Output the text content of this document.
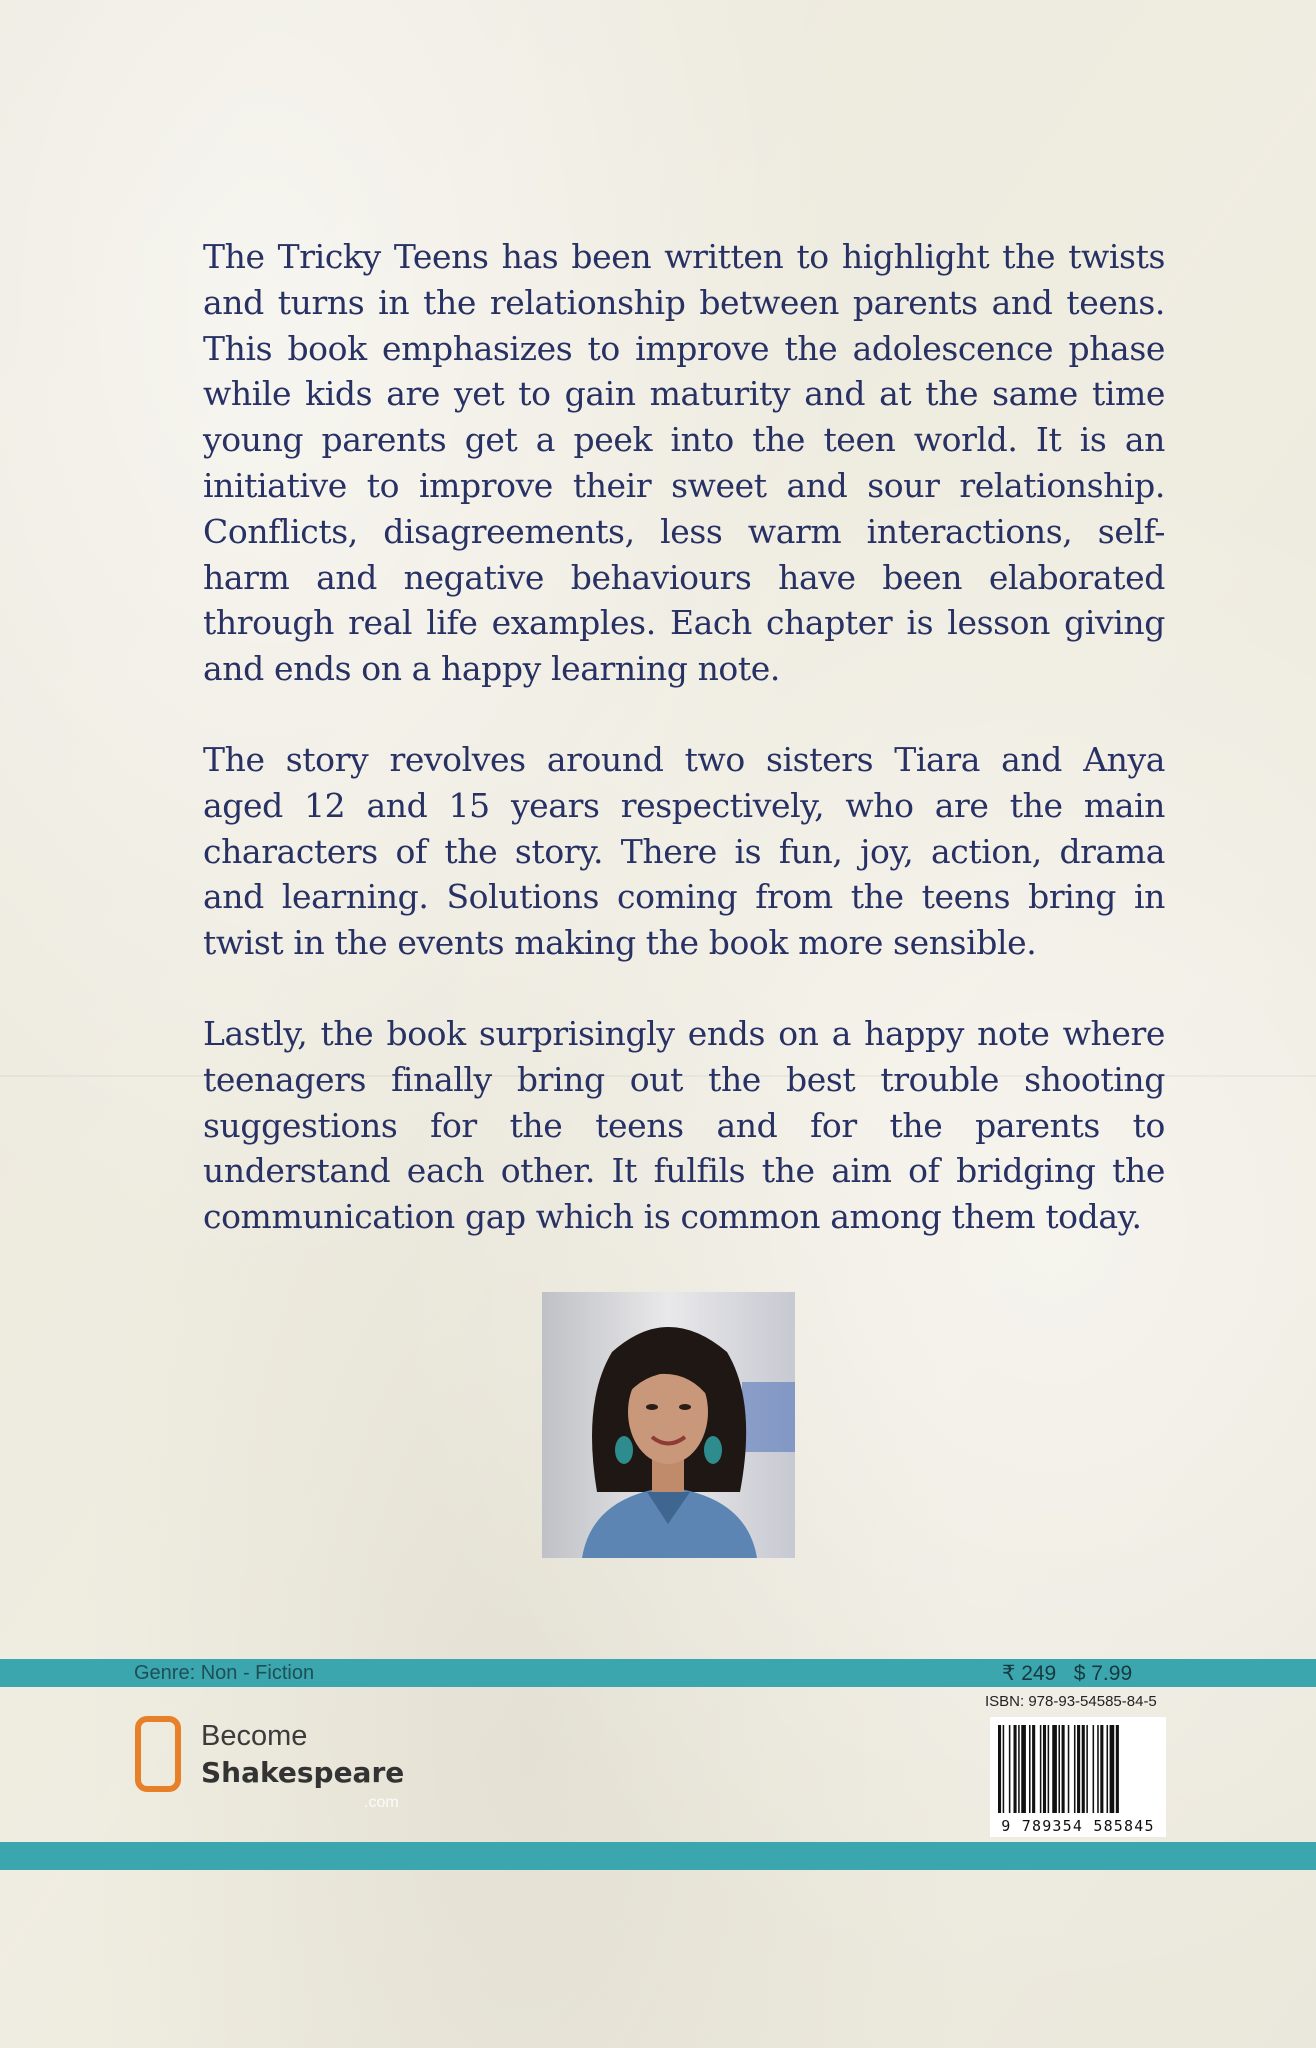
The Tricky Teens has been written to highlight the twists and turns in the relationship between parents and teens. This book emphasizes to improve the adolescence phase while kids are yet to gain maturity and at the same time young parents get a peek into the teen world. It is an initiative to improve their sweet and sour relationship. Conflicts, disagreements, less warm interactions, self-harm and negative behaviours have been elaborated through real life examples. Each chapter is lesson giving and ends on a happy learning note.

The story revolves around two sisters Tiara and Anya aged 12 and 15 years respectively, who are the main characters of the story. There is fun, joy, action, drama and learning. Solutions coming from the teens bring in twist in the events making the book more sensible.

Lastly, the book surprisingly ends on a happy note where teenagers finally bring out the best trouble shooting suggestions for the teens and for the parents to understand each other. It fulfils the aim of bridging the communication gap which is common among them today.

Genre: Non - Fiction	₹ 249   $ 7.99
Become
Shakespeare
.com
ISBN: 978-93-54585-84-5
9 789354 585845
